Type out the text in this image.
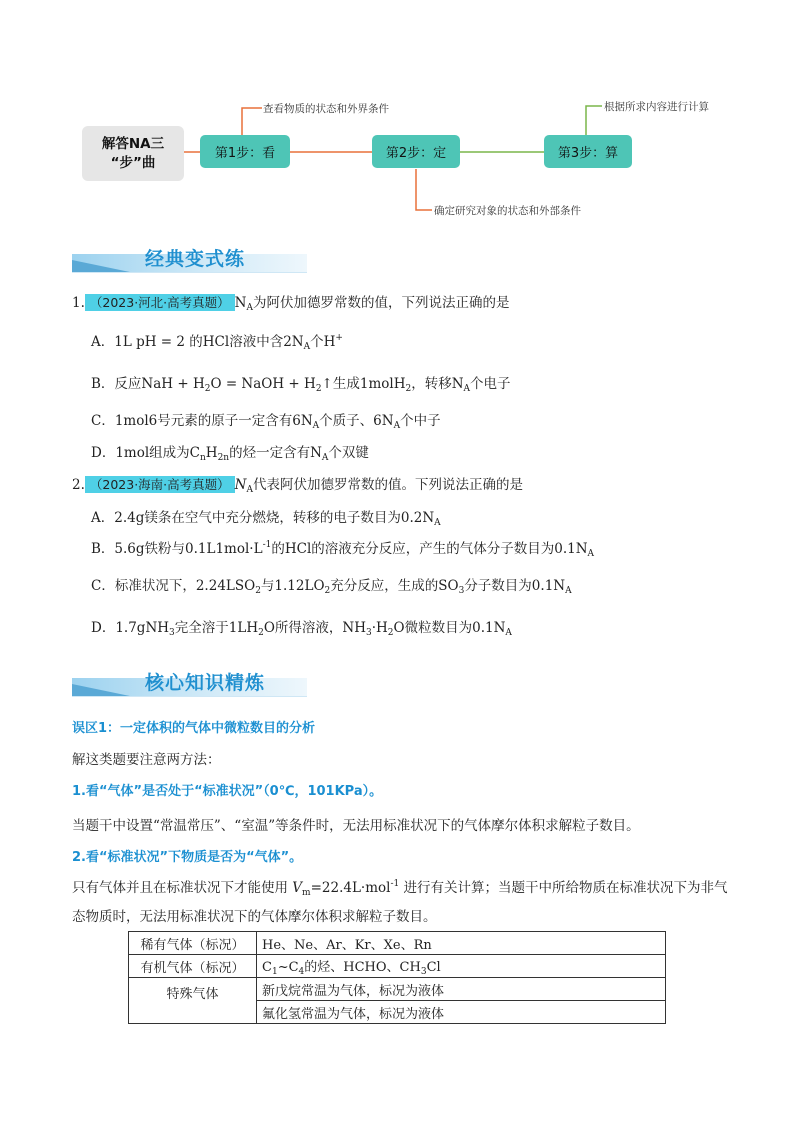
解答NA三
“步”曲
第1步：看	第2步：定	第3步：算
查看物质的状态和外界条件
确定研究对象的状态和外部条件
根据所求内容进行计算
经典变式练
1. （2023·河北·高考真题） $N_A$为阿伏加德罗常数的值，下列说法正确的是
A．1L pH = 2 的HCl溶液中含$2N_A$个H+
B．反应NaH + $H_2O$ = NaOH + $H_2↑$生成1molH$_2$，转移$N_A$个电子
C．1mol6号元素的原子一定含有$6N_A$个质子、$6N_A$个中子
D．1mol组成为$C_nH_{2n}$的烃一定含有$N_A$个双键
2. （2023·海南·高考真题） $N_A$代表阿伏加德罗常数的值。下列说法正确的是
A．2.4g镁条在空气中充分燃烧，转移的电子数目为$0.2N_A$
B．5.6g铁粉与$0.1L1mol\cdot L^{-1}$的HCl的溶液充分反应，产生的气体分子数目为$0.1N_A$
C．标准状况下，$2.24LSO_2$与$1.12LO_2$充分反应，生成的$SO_3$分子数目为$0.1N_A$
D．1.7gNH$_3$完全溶于$1LH_2O$所得溶液，$NH_3\cdot H_2O$微粒数目为$0.1N_A$
核心知识精炼
误区1：一定体积的气体中微粒数目的分析
解这类题要注意两方法：
1.看“气体”是否处于“标准状况”（0℃，101KPa）。
当题干中设置“常温常压”、“室温”等条件时，无法用标准状况下的气体摩尔体积求解粒子数目。
2.看“标准状况”下物质是否为“气体”。
只有气体并且在标准状况下才能使用 $V_m=22.4L\cdot mol^{-1}$ 进行有关计算；当题干中所给物质在标准状况下为非气
态物质时，无法用标准状况下的气体摩尔体积求解粒子数目。
稀有气体（标况）	He、Ne、Ar、Kr、Xe、Rn
有机气体（标况）	$C_1\sim C_4$的烃、HCHO、$CH_3Cl$
特殊气体	新戊烷常温为气体，标况为液体
	氟化氢常温为气体，标况为液体
